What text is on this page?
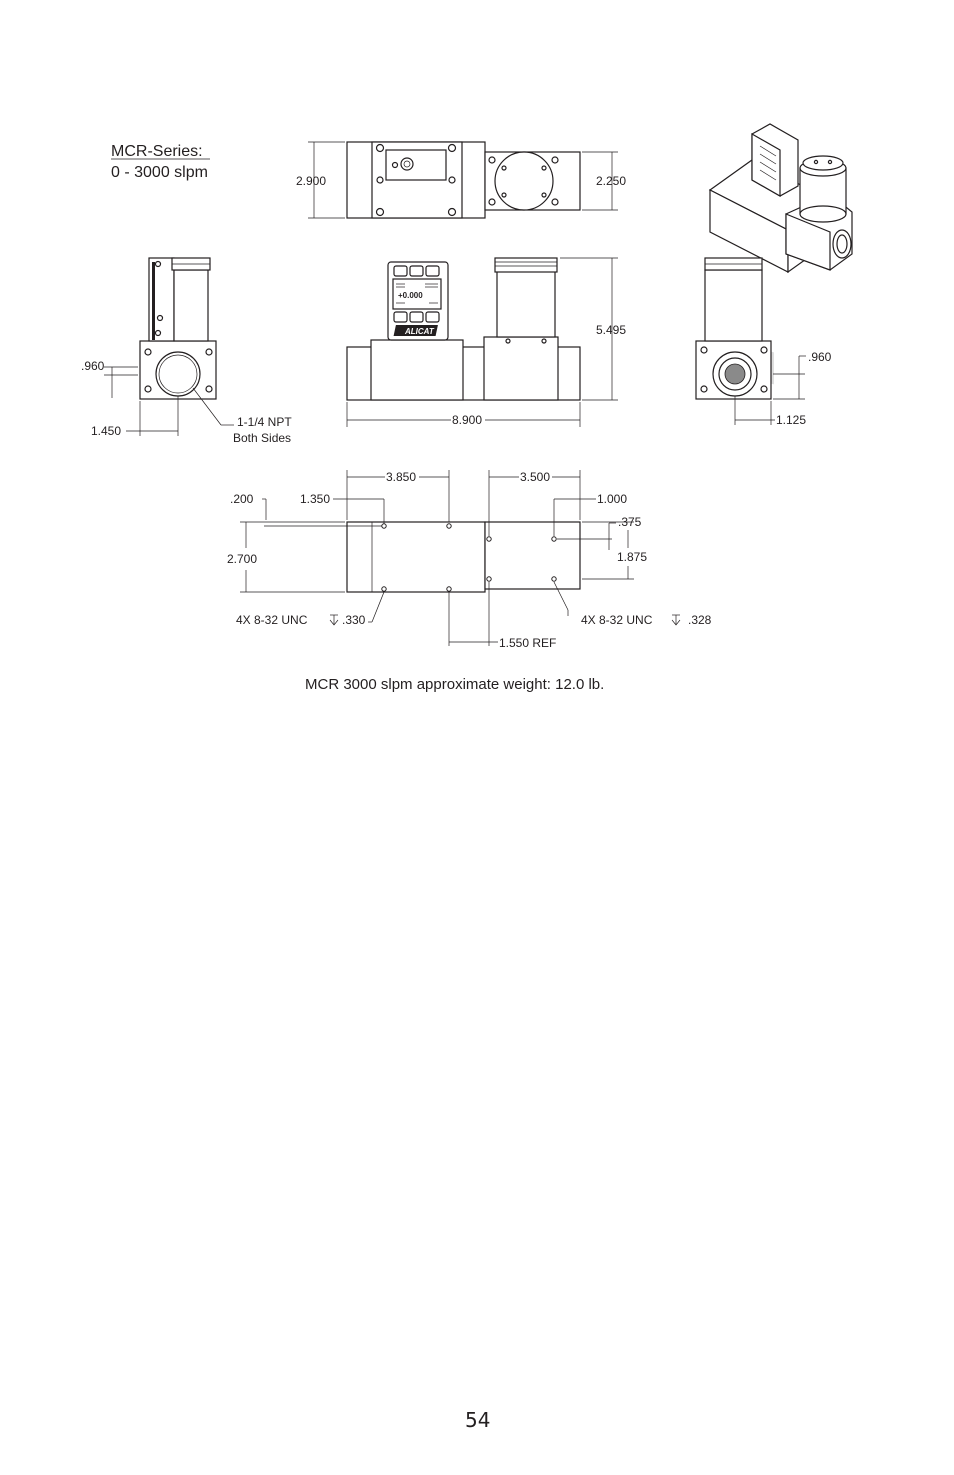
MCR-Series:
0 - 3000 slpm	2.900	2.250
.960
1.450
1-1/4 NPT
Both Sides
+0.000
ALICAT	5.495
8.900
.960
1.125
3.850	3.500
.200	1.350
2.700
1.000
.375
1.875
4X 8-32 UNC	.330	4X 8-32 UNC	.328
1.550 REF
MCR 3000 slpm approximate weight: 12.0 lb.
54
